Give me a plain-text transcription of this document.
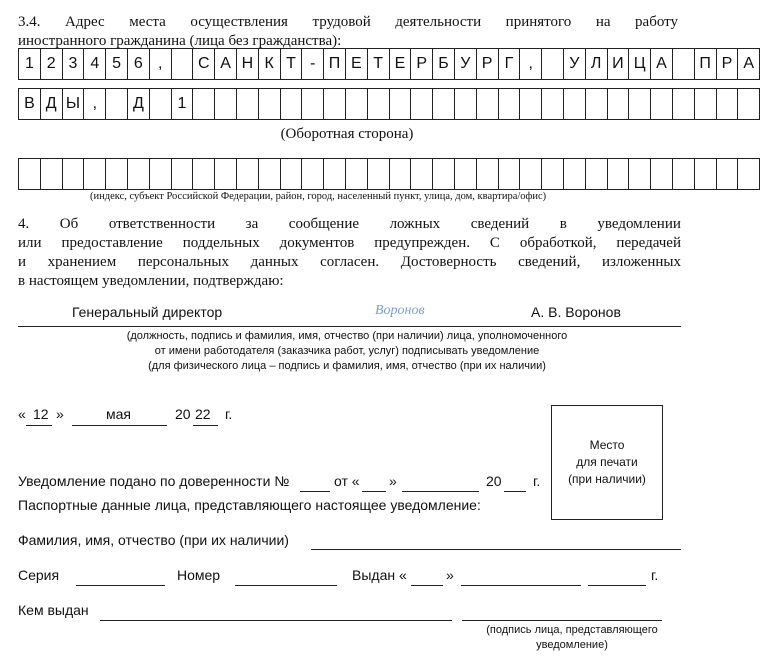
3.4. Адрес места осуществления трудовой деятельности принятого на работу
иностранного гражданина (лица без гражданства):
1 2 3 4 5 6 ,	С А Н К Т - П Е Т Е Р Б У Р Г ,	У Л И Ц А	П Р А
В Д Ы ,	Д	1
(Оборотная сторона)
(индекс, субъект Российской Федерации, район, город, населенный пункт, улица, дом, квартира/офис)
4. Об ответственности за сообщение ложных сведений в уведомлении
или предоставление поддельных документов предупрежден. С обработкой, передачей
и хранением персональных данных согласен. Достоверность сведений, изложенных
в настоящем уведомлении, подтверждаю:
Генеральный директор	Воронов	А. В. Воронов
(должность, подпись и фамилия, имя, отчество (при наличии) лица, уполномоченного
от имени работодателя (заказчика работ, услуг) подписывать уведомление
(для физического лица – подпись и фамилия, имя, отчество (при их наличии)
« 12 »	мая	20 22 г.
Место
для печати
(при наличии)
Уведомление подано по доверенности №	от « »	20 г.
Паспортные данные лица, представляющего настоящее уведомление:
Фамилия, имя, отчество (при их наличии)
Серия	Номер	Выдан «	»	г.
Кем выдан
(подпись лица, представляющего
уведомление)
